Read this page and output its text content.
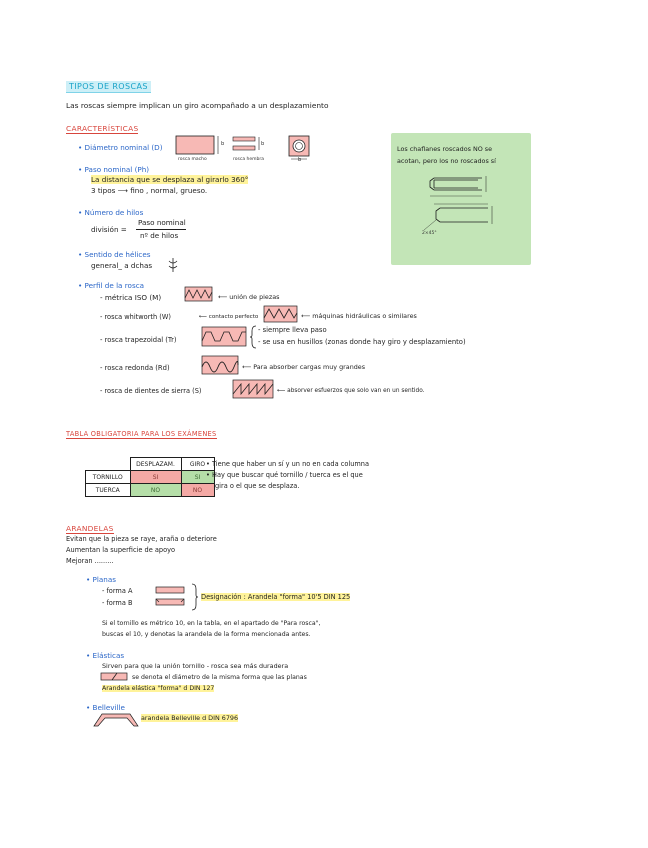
TIPOS DE ROSCAS
Las roscas siempre implican un giro acompañado a un desplazamiento
CARACTERÍSTICAS
• Diámetro nominal (D)	b	b
rosca macho	rosca hembra	b
• Paso nominal (Ph)
La distancia que se desplaza al girarlo 360°
3 tipos ⟶ fino , normal, grueso.
• Número de hilos
división =
Paso nominal
nº de hilos
• Sentido de hélices
general_ a dchas
• Perfil de la rosca
- métrica ISO (M)	⟵ unión de piezas
- rosca whitworth (W)	⟵ contacto perfecto	⟵ máquinas hidráulicas o similares
- rosca trapezoidal (Tr)
- siempre lleva paso
- se usa en husillos (zonas donde hay giro y desplazamiento)
- rosca redonda (Rd)	⟵ Para absorber cargas muy grandes
- rosca de dientes de sierra (S)	⟵ absorver esfuerzos que solo van en un sentido.
Los chaflanes roscados NO se
acotan, pero los no roscados sí
2×45°
TABLA OBLIGATORIA PARA LOS EXÁMENES
	DESPLAZAM.	GIRO
TORNILLO	SI	SI
TUERCA	NO	NO
• Tiene que haber un sí y un no en cada columna
• Hay que buscar qué tornillo / tuerca es el que
gira o el que se desplaza.
ARANDELAS
Evitan que la pieza se raye, araña o deteriore
Aumentan la superficie de apoyo
Mejoran .........
• Planas
- forma A
- forma B
Designación : Arandela "forma" 10'5 DIN 125
Si el tornillo es métrico 10, en la tabla, en el apartado de "Para rosca",
buscas el 10, y denotas la arandela de la forma mencionada antes.
• Elásticas
Sirven para que la unión tornillo - rosca sea más duradera
se denota el diámetro de la misma forma que las planas
Arandela elástica "forma" d DIN 127
• Belleville
arandela Belleville d DIN 6796
